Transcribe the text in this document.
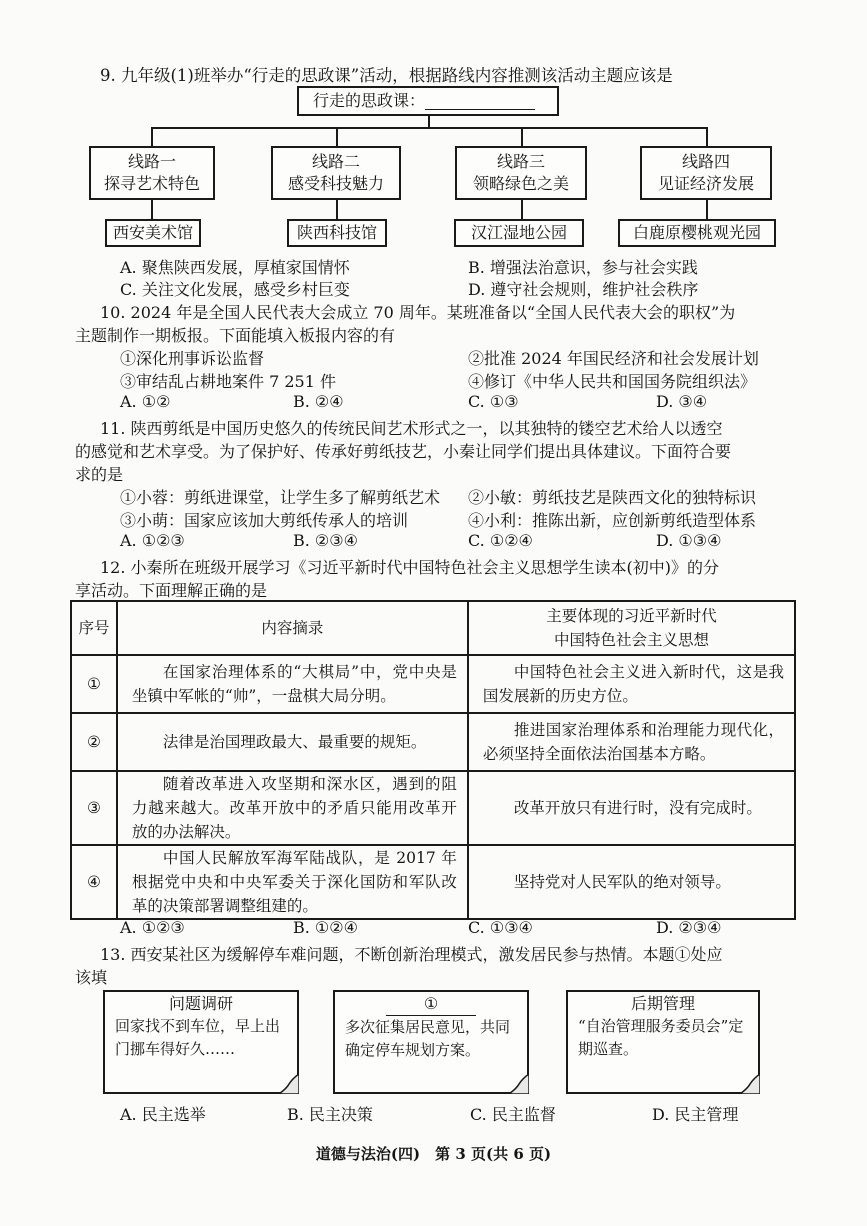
9. 九年级(1)班举办“行走的思政课”活动，根据路线内容推测该活动主题应该是
行走的思政课：
线路一
探寻艺术特色
线路二
感受科技魅力
线路三
领略绿色之美
线路四
见证经济发展
西安美术馆	陕西科技馆	汉江湿地公园	白鹿原樱桃观光园
A. 聚焦陕西发展，厚植家国情怀	B. 增强法治意识，参与社会实践
C. 关注文化发展，感受乡村巨变	D. 遵守社会规则，维护社会秩序
10. 2024 年是全国人民代表大会成立 70 周年。某班准备以“全国人民代表大会的职权”为
主题制作一期板报。下面能填入板报内容的有
①深化刑事诉讼监督	②批准 2024 年国民经济和社会发展计划
③审结乱占耕地案件 7 251 件	④修订《中华人民共和国国务院组织法》
A. ①②	B. ②④	C. ①③	D. ③④
11. 陕西剪纸是中国历史悠久的传统民间艺术形式之一，以其独特的镂空艺术给人以透空
的感觉和艺术享受。为了保护好、传承好剪纸技艺，小秦让同学们提出具体建议。下面符合要
求的是
①小蓉：剪纸进课堂，让学生多了解剪纸艺术 ②小敏：剪纸技艺是陕西文化的独特标识
③小萌：国家应该加大剪纸传承人的培训	④小利：推陈出新，应创新剪纸造型体系
A. ①②③	B. ②③④	C. ①②④	D. ①③④
12. 小秦所在班级开展学习《习近平新时代中国特色社会主义思想学生读本(初中)》的分
享活动。下面理解正确的是
序号	内容摘录	主要体现的习近平新时代
中国特色社会主义思想

①	在国家治理体系的“大棋局”中，党中央是坐镇中军帐的“帅”，一盘棋大局分明。	中国特色社会主义进入新时代，这是我国发展新的历史方位。
②	法律是治国理政最大、最重要的规矩。	推进国家治理体系和治理能力现代化，必须坚持全面依法治国基本方略。
③	随着改革进入攻坚期和深水区，遇到的阻力越来越大。改革开放中的矛盾只能用改革开放的办法解决。	改革开放只有进行时，没有完成时。
④	中国人民解放军海军陆战队，是 2017 年根据党中央和中央军委关于深化国防和军队改革的决策部署调整组建的。	坚持党对人民军队的绝对领导。
A. ①②③	B. ①②④	C. ①③④	D. ②③④
13. 西安某社区为缓解停车难问题，不断创新治理模式，激发居民参与热情。本题①处应
该填
问题调研
回家找不到车位，早上出门挪车得好久……
①
多次征集居民意见，共同确定停车规划方案。
后期管理
“自治管理服务委员会”定期巡查。
A. 民主选举	B. 民主决策	C. 民主监督	D. 民主管理
道德与法治(四)　第 3 页(共 6 页)
